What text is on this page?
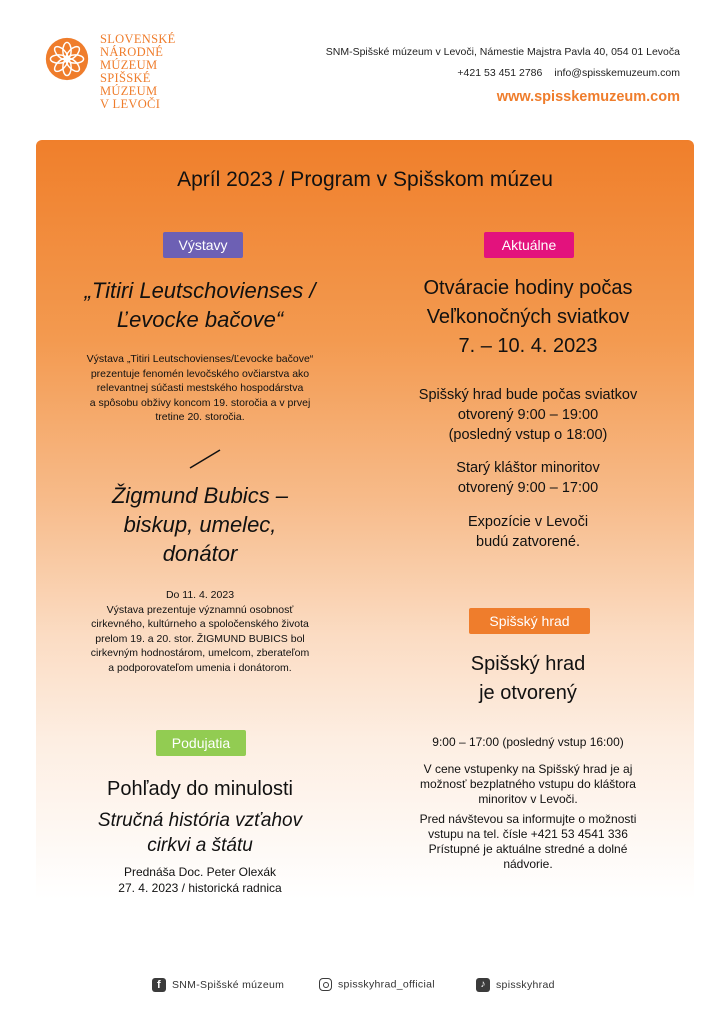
SLOVENSKÉ
NÁRODNÉ
MÚZEUM
SPIŠSKÉ
MÚZEUM
V LEVOČI
SNM-Spišské múzeum v Levoči, Námestie Majstra Pavla 40, 054 01 Levoča
+421 53 451 2786 info@spisskemuzeum.com
www.spisskemuzeum.com
Apríl 2023 / Program v Spišskom múzeu
Výstavy
„Titiri Leutschovienses /
Ľevocke bačove“
Výstava „Titiri Leutschovienses/Ľevocke bačove“
prezentuje fenomén levočského ovčiarstva ako
relevantnej súčasti mestského hospodárstva
a spôsobu obživy koncom 19. storočia a v prvej
tretine 20. storočia.
Žigmund Bubics –
biskup, umelec,
donátor
Do 11. 4. 2023
Výstava prezentuje významnú osobnosť
cirkevného, kultúrneho a spoločenského života
prelom 19. a 20. stor. ŽIGMUND BUBICS bol
cirkevným hodnostárom, umelcom, zberateľom
a podporovateľom umenia i donátorom.
Podujatia
Pohľady do minulosti
Stručná história vzťahov
cirkvi a štátu
Prednáša Doc. Peter Olexák
27. 4. 2023 / historická radnica
Aktuálne
Otváracie hodiny počas
Veľkonočných sviatkov
7. – 10. 4. 2023
Spišský hrad bude počas sviatkov
otvorený 9:00 – 19:00
(posledný vstup o 18:00)
Starý kláštor minoritov
otvorený 9:00 – 17:00
Expozície v Levoči
budú zatvorené.
Spišský hrad
Spišský hrad
je otvorený
9:00 – 17:00 (posledný vstup 16:00)
V cene vstupenky na Spišský hrad je aj
možnosť bezplatného vstupu do kláštora
minoritov v Levoči.
Pred návštevou sa informujte o možnosti
vstupu na tel. čísle +421 53 4541 336
Prístupné je aktuálne stredné a dolné
nádvorie.
f SNM-Spišské múzeum	spisskyhrad_official	♪ spisskyhrad
